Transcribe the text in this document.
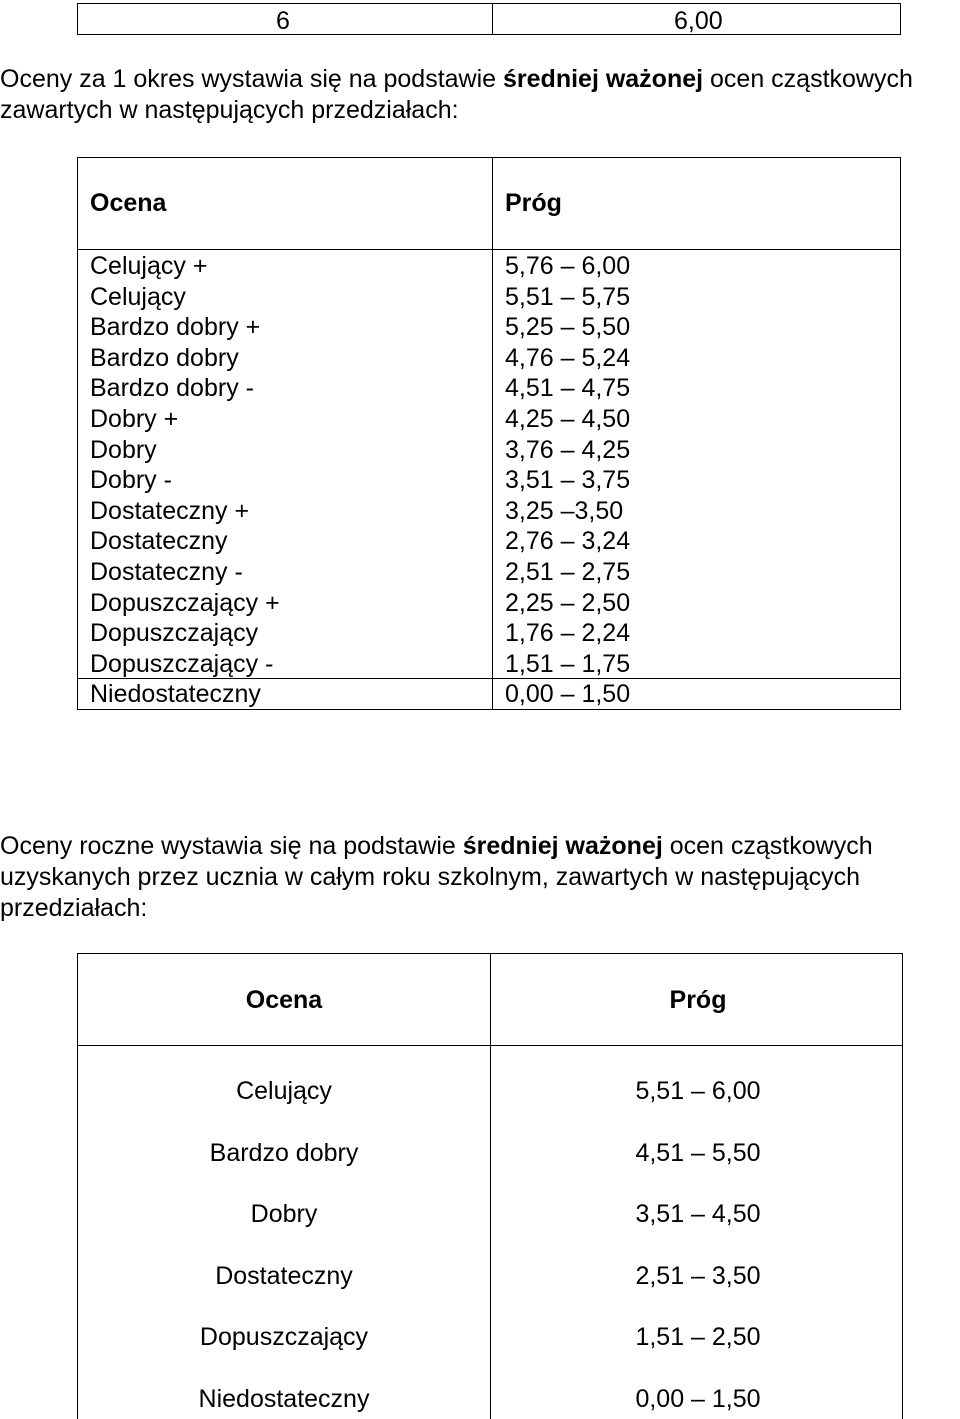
6	6,00
Oceny za 1 okres wystawia się na podstawie średniej ważonej ocen cząstkowych
zawartych w następujących przedziałach:
Ocena	Próg
Celujący +	5,76 – 6,00
Celujący	5,51 – 5,75
Bardzo dobry +	5,25 – 5,50
Bardzo dobry	4,76 – 5,24
Bardzo dobry -	4,51 – 4,75
Dobry +	4,25 – 4,50
Dobry	3,76 – 4,25
Dobry -	3,51 – 3,75
Dostateczny +	3,25 –3,50
Dostateczny	2,76 – 3,24
Dostateczny -	2,51 – 2,75
Dopuszczający +	2,25 – 2,50
Dopuszczający	1,76 – 2,24
Dopuszczający -	1,51 – 1,75
Niedostateczny	0,00 – 1,50
Oceny roczne wystawia się na podstawie średniej ważonej ocen cząstkowych
uzyskanych przez ucznia w całym roku szkolnym, zawartych w następujących
przedziałach:
Ocena	Próg
Celujący	5,51 – 6,00
Bardzo dobry	4,51 – 5,50
Dobry	3,51 – 4,50
Dostateczny	2,51 – 3,50
Dopuszczający	1,51 – 2,50
Niedostateczny	0,00 – 1,50
